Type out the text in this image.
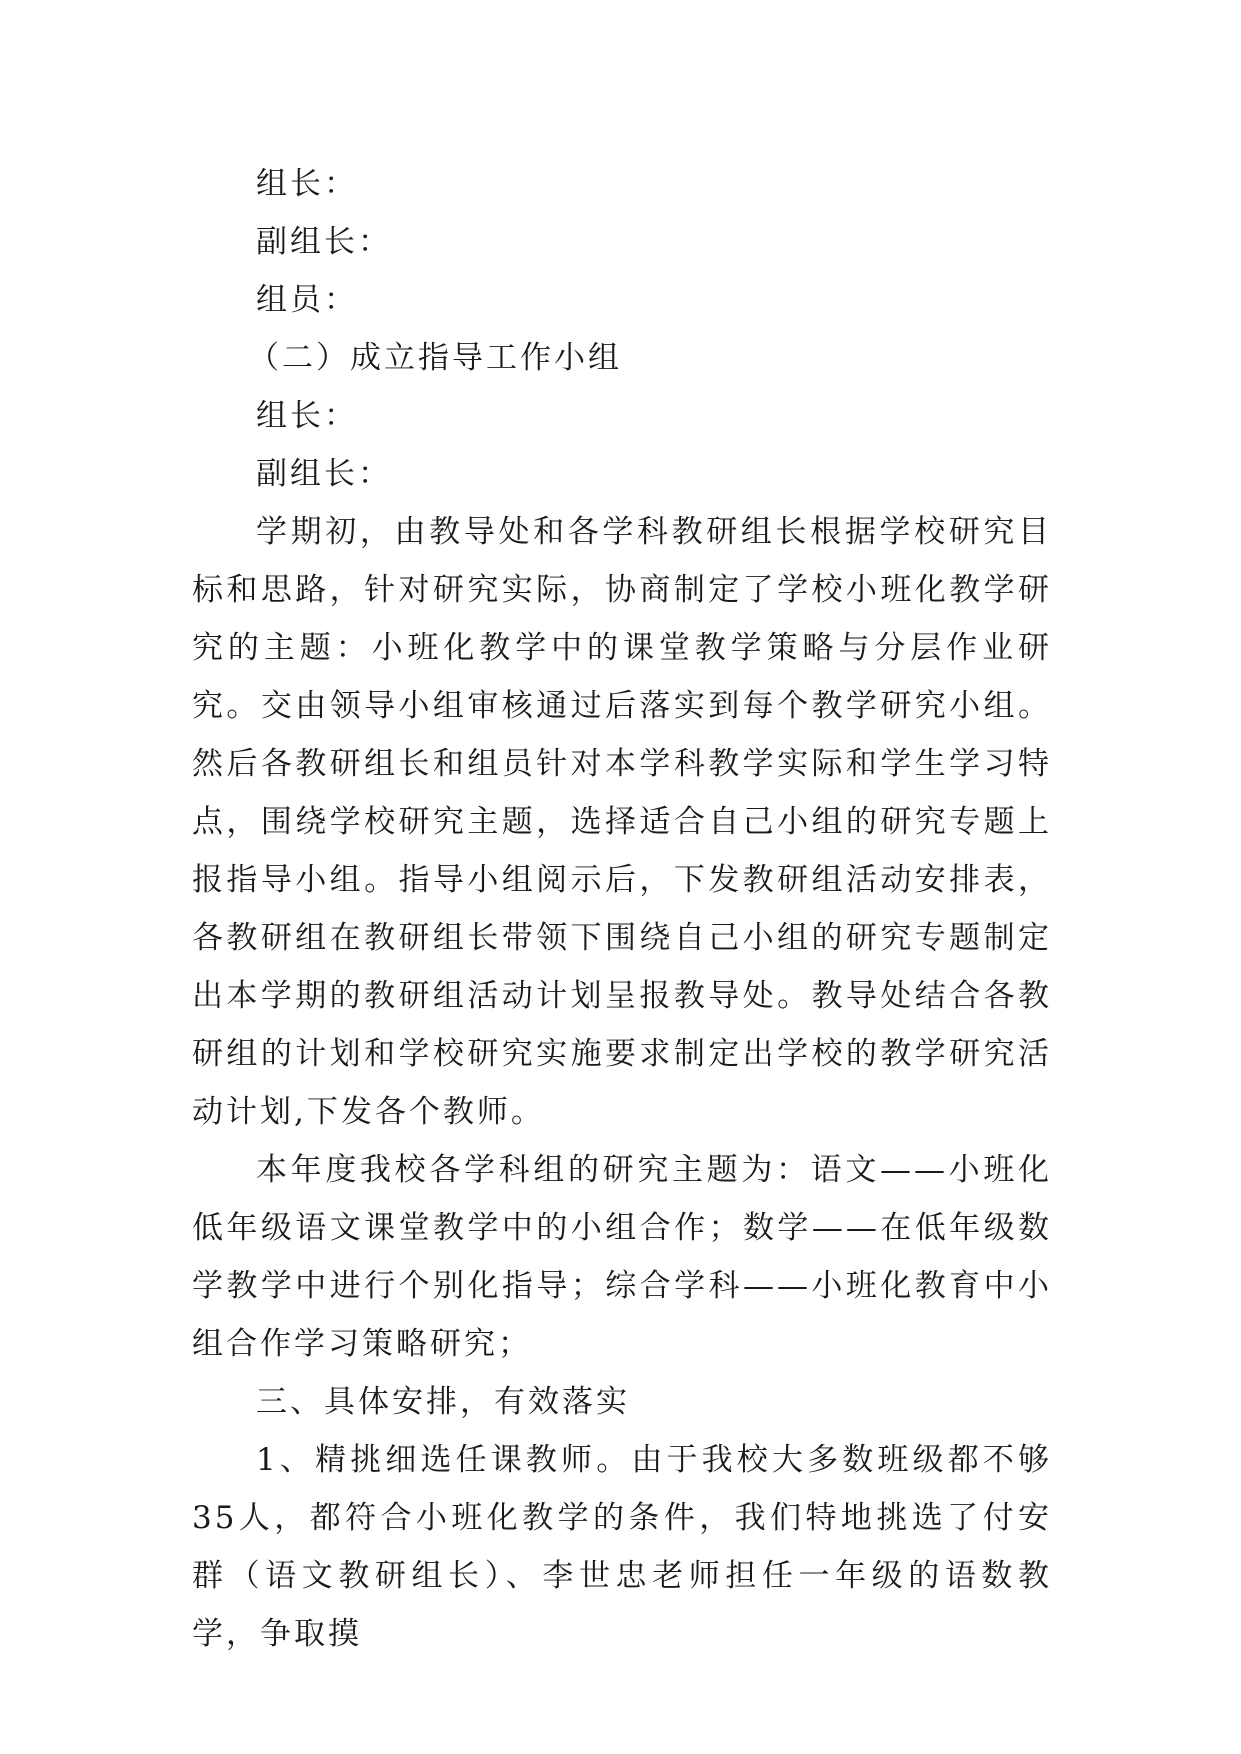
组长：

副组长：

组员：

（二）成立指导工作小组

组长：

副组长：

学期初，由教导处和各学科教研组长根据学校研究目标和思路，针对研究实际，协商制定了学校小班化教学研究的主题：小班化教学中的课堂教学策略与分层作业研究。交由领导小组审核通过后落实到每个教学研究小组。然后各教研组长和组员针对本学科教学实际和学生学习特点，围绕学校研究主题，选择适合自己小组的研究专题上报指导小组。指导小组阅示后，下发教研组活动安排表，各教研组在教研组长带领下围绕自己小组的研究专题制定出本学期的教研组活动计划呈报教导处。教导处结合各教研组的计划和学校研究实施要求制定出学校的教学研究活动计划,下发各个教师。

本年度我校各学科组的研究主题为：语文——小班化低年级语文课堂教学中的小组合作；数学——在低年级数学教学中进行个别化指导；综合学科——小班化教育中小组合作学习策略研究；

三、具体安排，有效落实

1、精挑细选任课教师。由于我校大多数班级都不够35人，都符合小班化教学的条件，我们特地挑选了付安群（语文教研组长）、李世忠老师担任一年级的语数教学，争取摸
